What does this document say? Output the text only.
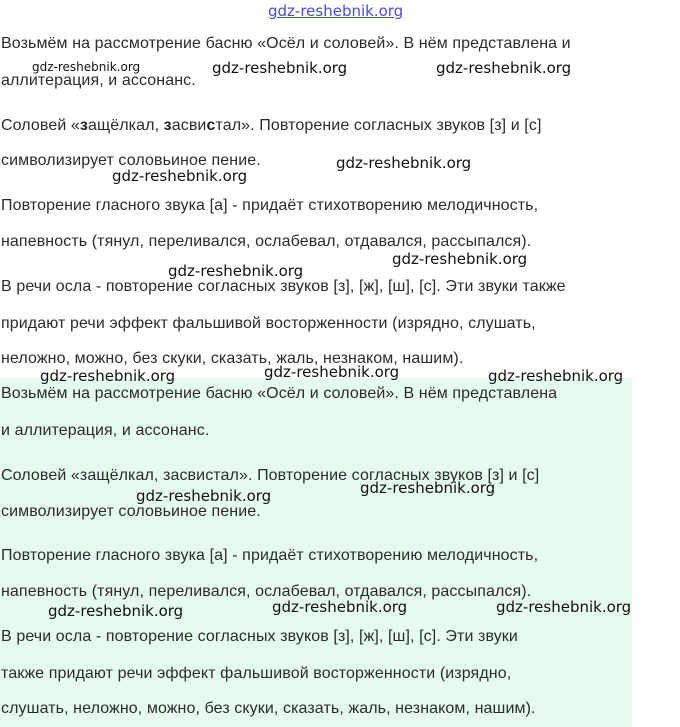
Возьмём на рассмотрение басню «Осёл и соловей». В нём представлена и
аллитерация, и ассонанс.
Соловей «защёлкал, засвистал». Повторение согласных звуков [з] и [с]
символизирует соловьиное пение.
Повторение гласного звука [а] - придаёт стихотворению мелодичность,
напевность (тянул, переливался, ослабевал, отдавался, рассыпался).
В речи осла - повторение согласных звуков [з], [ж], [ш], [с]. Эти звуки также
придают речи эффект фальшивой восторженности (изрядно, слушать,
неложно, можно, без скуки, сказать, жаль, незнаком, нашим).
Возьмём на рассмотрение басню «Осёл и соловей». В нём представлена
и аллитерация, и ассонанс.
Соловей «защёлкал, засвистал». Повторение согласных звуков [з] и [с]
символизирует соловьиное пение.
Повторение гласного звука [а] - придаёт стихотворению мелодичность,
напевность (тянул, переливался, ослабевал, отдавался, рассыпался).
В речи осла - повторение согласных звуков [з], [ж], [ш], [с]. Эти звуки
также придают речи эффект фальшивой восторженности (изрядно,
слушать, неложно, можно, без скуки, сказать, жаль, незнаком, нашим).
gdz-reshebnik.org
gdz-reshebnik.org	gdz-reshebnik.org	gdz-reshebnik.org
gdz-reshebnik.org
gdz-reshebnik.org
gdz-reshebnik.org
gdz-reshebnik.org
gdz-reshebnik.org	gdz-reshebnik.org	gdz-reshebnik.org
gdz-reshebnik.org	gdz-reshebnik.org
gdz-reshebnik.org	gdz-reshebnik.org	gdz-reshebnik.org
